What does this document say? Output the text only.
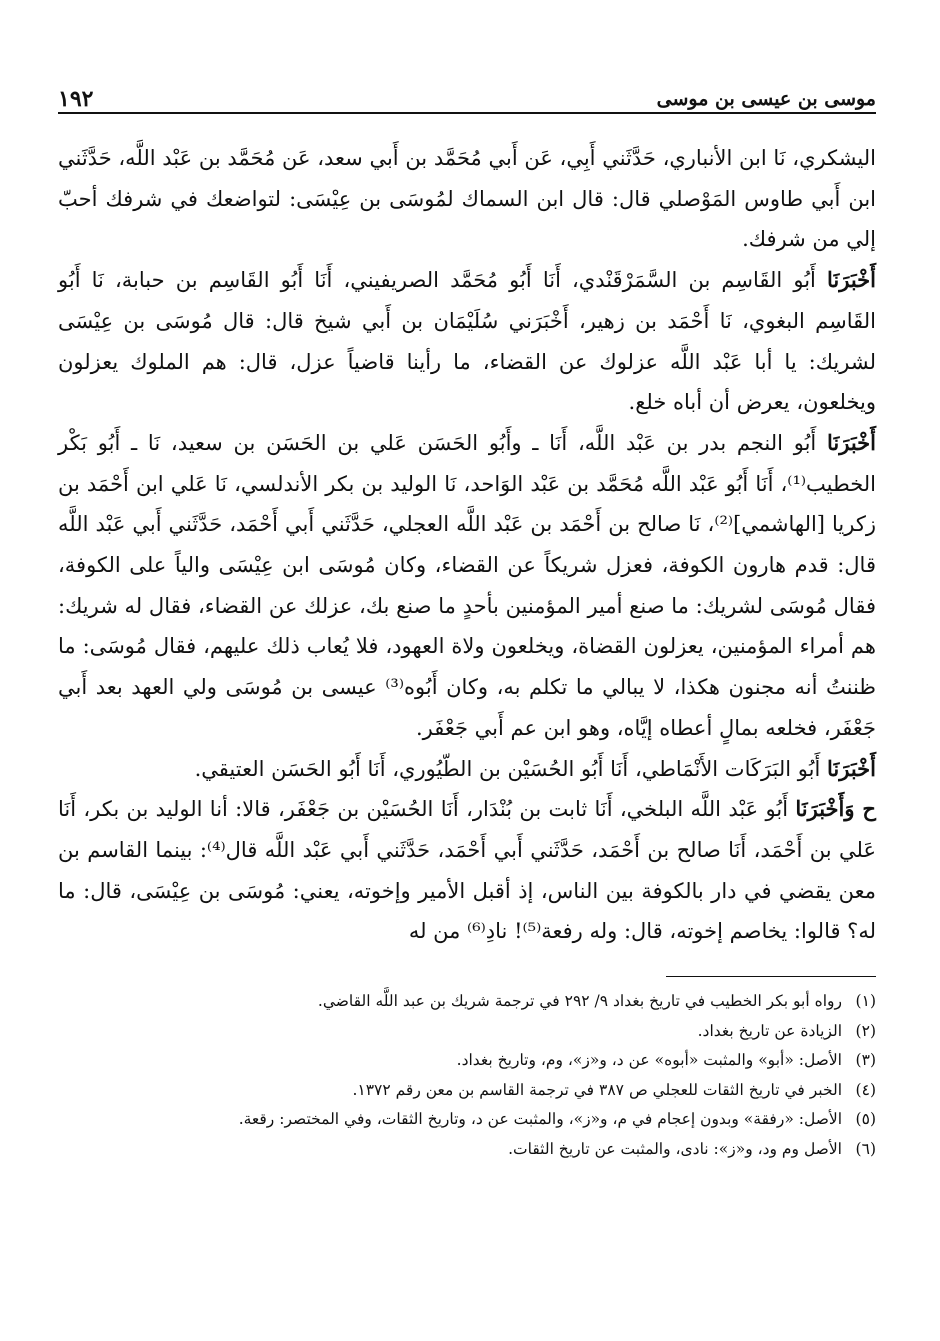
موسى بن عيسى بن موسى
١٩٢

اليشكري، نَا ابن الأنباري، حَدَّثَني أَبِي، عَن أَبي مُحَمَّد بن أَبي سعد، عَن مُحَمَّد بن عَبْد اللَّه، حَدَّثَني ابن أَبي طاوس المَوْصلي قال: قال ابن السماك لمُوسَى بن عِيْسَى: لتواضعك في شرفك أحبّ إلي من شرفك.

أَخْبَرَنَا أَبُو القَاسِم بن السَّمَرْقَنْدي، أَنَا أَبُو مُحَمَّد الصريفيني، أَنَا أَبُو القَاسِم بن حبابة، نَا أَبُو القَاسِم البغوي، نَا أَحْمَد بن زهير، أَخْبَرَني سُلَيْمَان بن أَبي شيخ قال: قال مُوسَى بن عِيْسَى لشريك: يا أبا عَبْد اللَّه عزلوك عن القضاء، ما رأينا قاضياً عزل، قال: هم الملوك يعزلون ويخلعون، يعرض أن أباه خلع.

أَخْبَرَنَا أَبُو النجم بدر بن عَبْد اللَّه، أَنَا ـ وأَبُو الحَسَن عَلي بن الحَسَن بن سعيد، نَا ـ أَبُو بَكْر الخطيب⁽¹⁾، أَنَا أَبُو عَبْد اللَّه مُحَمَّد بن عَبْد الوَاحد، نَا الوليد بن بكر الأندلسي، نَا عَلي ابن أَحْمَد بن زكريا [الهاشمي]⁽²⁾، نَا صالح بن أَحْمَد بن عَبْد اللَّه العجلي، حَدَّثَني أَبي أَحْمَد، حَدَّثَني أَبي عَبْد اللَّه قال: قدم هارون الكوفة، فعزل شريكاً عن القضاء، وكان مُوسَى ابن عِيْسَى والياً على الكوفة، فقال مُوسَى لشريك: ما صنع أمير المؤمنين بأحدٍ ما صنع بك، عزلك عن القضاء، فقال له شريك: هم أمراء المؤمنين، يعزلون القضاة، ويخلعون ولاة العهود، فلا يُعاب ذلك عليهم، فقال مُوسَى: ما ظننتُ أنه مجنون هكذا، لا يبالي ما تكلم به، وكان أَبُوه⁽³⁾ عيسى بن مُوسَى ولي العهد بعد أَبي جَعْفَر، فخلعه بمالٍ أعطاه إيَّاه، وهو ابن عم أَبي جَعْفَر.

أَخْبَرَنَا أَبُو البَرَكَات الأَنْمَاطي، أَنَا أَبُو الحُسَيْن بن الطّيُوري، أَنَا أَبُو الحَسَن العتيقي.

ح وَأَخْبَرَنَا أَبُو عَبْد اللَّه البلخي، أَنَا ثابت بن بُنْدَار، أَنَا الحُسَيْن بن جَعْفَر، قالا: أنا الوليد بن بكر، أَنَا عَلي بن أَحْمَد، أَنَا صالح بن أَحْمَد، حَدَّثَني أَبي أَحْمَد، حَدَّثَني أَبي عَبْد اللَّه قال⁽⁴⁾: بينما القاسم بن معن يقضي في دار بالكوفة بين الناس، إذ أقبل الأمير وإخوته، يعني: مُوسَى بن عِيْسَى، قال: ما له؟ قالوا: يخاصم إخوته، قال: وله رفعة⁽⁵⁾! نادِ⁽⁶⁾ من له

(١)
رواه أبو بكر الخطيب في تاريخ بغداد ٩/ ٢٩٢ في ترجمة شريك بن عبد اللَّه القاضي.
(٢)
الزيادة عن تاريخ بغداد.
(٣)
الأصل: «أبو» والمثبت «أبوه» عن د، و«ز»، وم، وتاريخ بغداد.
(٤)
الخبر في تاريخ الثقات للعجلي ص ٣٨٧ في ترجمة القاسم بن معن رقم ١٣٧٢.
(٥)
الأصل: «رفقة» وبدون إعجام في م، و«ز»، والمثبت عن د، وتاريخ الثقات، وفي المختصر: رقعة.
(٦)
الأصل وم ود، و«ز»: نادى، والمثبت عن تاريخ الثقات.
